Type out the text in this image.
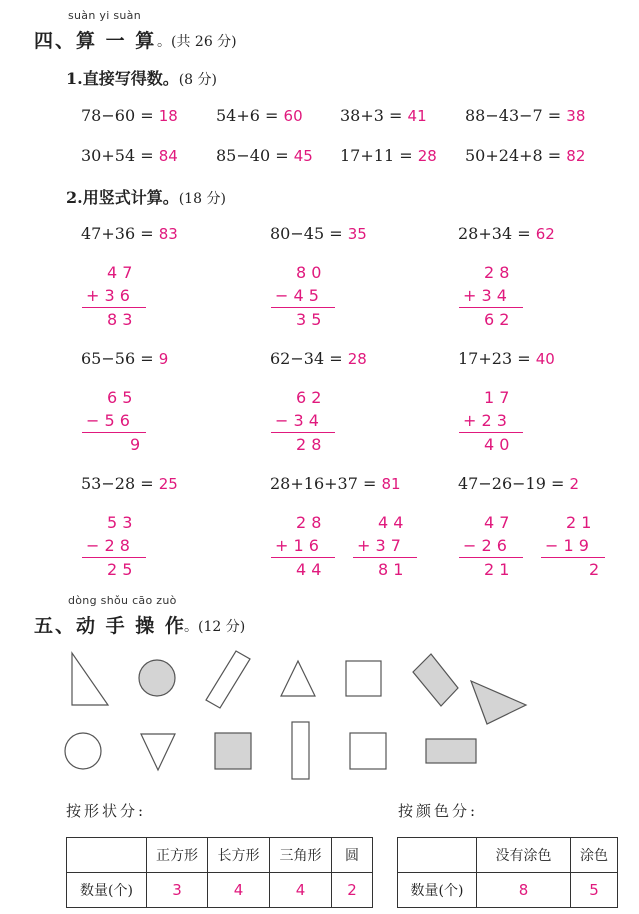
suàn yi suàn
四、算 一 算 。(共 26 分)
1.直接写得数。(8 分)
78−60 = 18 54+6 = 60 38+3 = 41 88−43−7 = 38
30+54 = 84 85−40 = 45 17+11 = 28 50+24+8 = 82
2.用竖式计算。(18 分)
47+36 = 83	80−45 = 35	28+34 = 62
4 7
+ 3 6
8 3
8 0
− 4 5
3 5
2 8
+ 3 4
6 2
65−56 = 9	62−34 = 28	17+23 = 40
6 5
− 5 6
9
6 2
− 3 4
2 8
1 7
+ 2 3
4 0
53−28 = 25	28+16+37 = 81	47−26−19 = 2
5 3
− 2 8
2 5
2 8
+ 1 6
4 4
4 4
+ 3 7
8 1
4 7
− 2 6
2 1
2 1
− 1 9
2
dòng shǒu cāo zuò
五、动 手 操 作
。(12 分)
按形状分:	按颜色分:
	正方形	长方形	三角形	圆
数量(个)	3	4	4	2
	没有涂色	涂色
数量(个)	8	5
